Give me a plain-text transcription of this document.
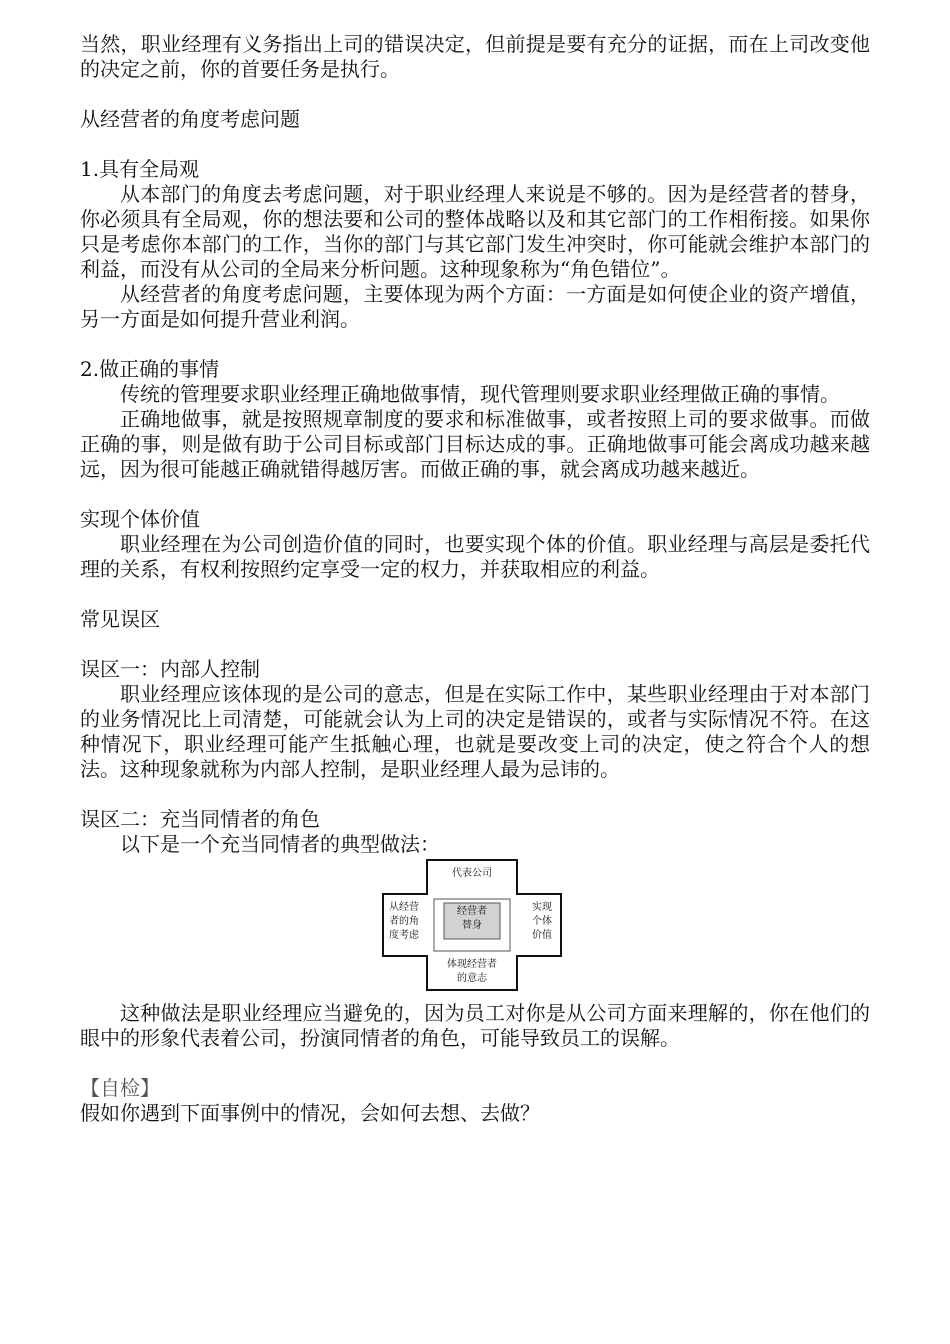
当然，职业经理有义务指出上司的错误决定，但前提是要有充分的证据，而在上司改变他的决定之前，你的首要任务是执行。

从经营者的角度考虑问题

1.具有全局观

从本部门的角度去考虑问题，对于职业经理人来说是不够的。因为是经营者的替身，你必须具有全局观，你的想法要和公司的整体战略以及和其它部门的工作相衔接。如果你只是考虑你本部门的工作，当你的部门与其它部门发生冲突时，你可能就会维护本部门的利益，而没有从公司的全局来分析问题。这种现象称为“角色错位”。

从经营者的角度考虑问题，主要体现为两个方面：一方面是如何使企业的资产增值，另一方面是如何提升营业利润。

2.做正确的事情

传统的管理要求职业经理正确地做事情，现代管理则要求职业经理做正确的事情。

正确地做事，就是按照规章制度的要求和标准做事，或者按照上司的要求做事。而做正确的事，则是做有助于公司目标或部门目标达成的事。正确地做事可能会离成功越来越远，因为很可能越正确就错得越厉害。而做正确的事，就会离成功越来越近。

实现个体价值

职业经理在为公司创造价值的同时，也要实现个体的价值。职业经理与高层是委托代理的关系，有权利按照约定享受一定的权力，并获取相应的利益。

常见误区

误区一：内部人控制

职业经理应该体现的是公司的意志，但是在实际工作中，某些职业经理由于对本部门的业务情况比上司清楚，可能就会认为上司的决定是错误的，或者与实际情况不符。在这种情况下，职业经理可能产生抵触心理，也就是要改变上司的决定，使之符合个人的想法。这种现象就称为内部人控制，是职业经理人最为忌讳的。

误区二：充当同情者的角色

以下是一个充当同情者的典型做法：

代表公司
从经营
者的角
度考虑
实现
个体
价值
体现经营者
的意志
经营者
替身

这种做法是职业经理应当避免的，因为员工对你是从公司方面来理解的，你在他们的眼中的形象代表着公司，扮演同情者的角色，可能导致员工的误解。

【自检】

假如你遇到下面事例中的情况，会如何去想、去做？
